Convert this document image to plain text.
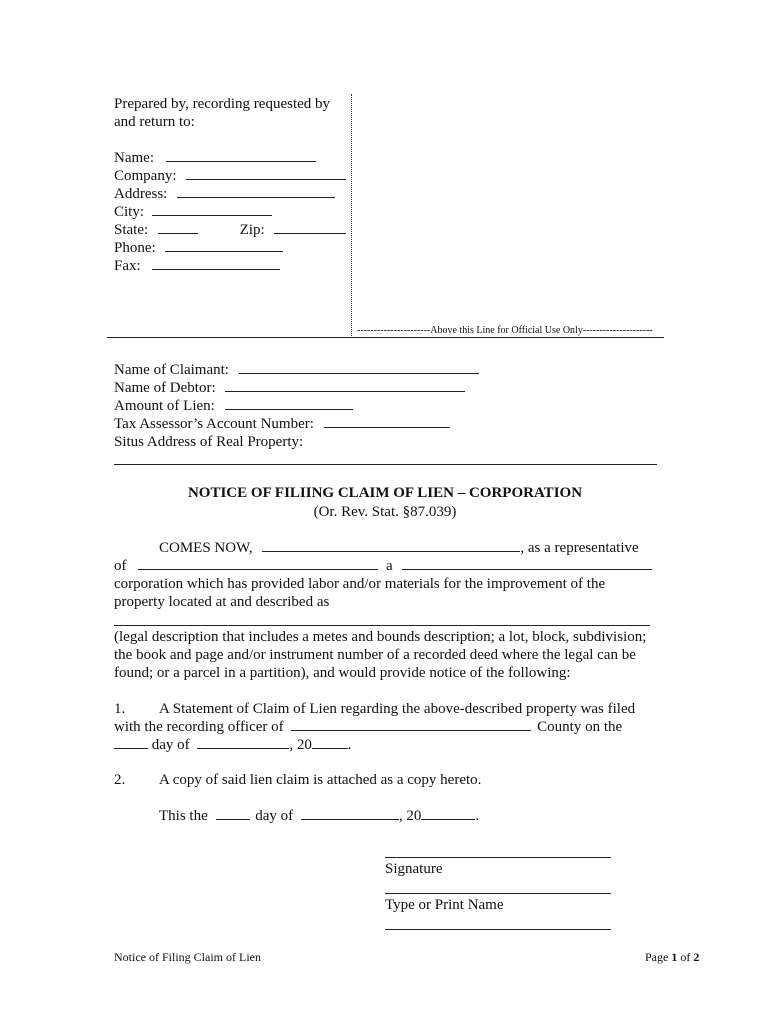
Prepared by, recording requested by
and return to:
Name:
Company:
Address:
City:
State:	Zip:
Phone:
Fax:
----------------------Above this Line for Official Use Only---------------------
Name of Claimant:
Name of Debtor:
Amount of Lien:
Tax Assessor’s Account Number:
Situs Address of Real Property:
NOTICE OF FILIING CLAIM OF LIEN – CORPORATION
(Or. Rev. Stat. §87.039)
COMES NOW,	, as a representative
of	a
corporation which has provided labor and/or materials for the improvement of the
property located at and described as
(legal description that includes a metes and bounds description; a lot, block, subdivision;
the book and page and/or instrument number of a recorded deed where the legal can be
found; or a parcel in a partition), and would provide notice of the following:
1. A Statement of Claim of Lien regarding the above-described property was filed
with the recording officer of	County on the
day of	, 20 .
2. A copy of said lien claim is attached as a copy hereto.
This the	day of	, 20	.
Signature
Type or Print Name
Notice of Filing Claim of Lien	Page 1 of 2
